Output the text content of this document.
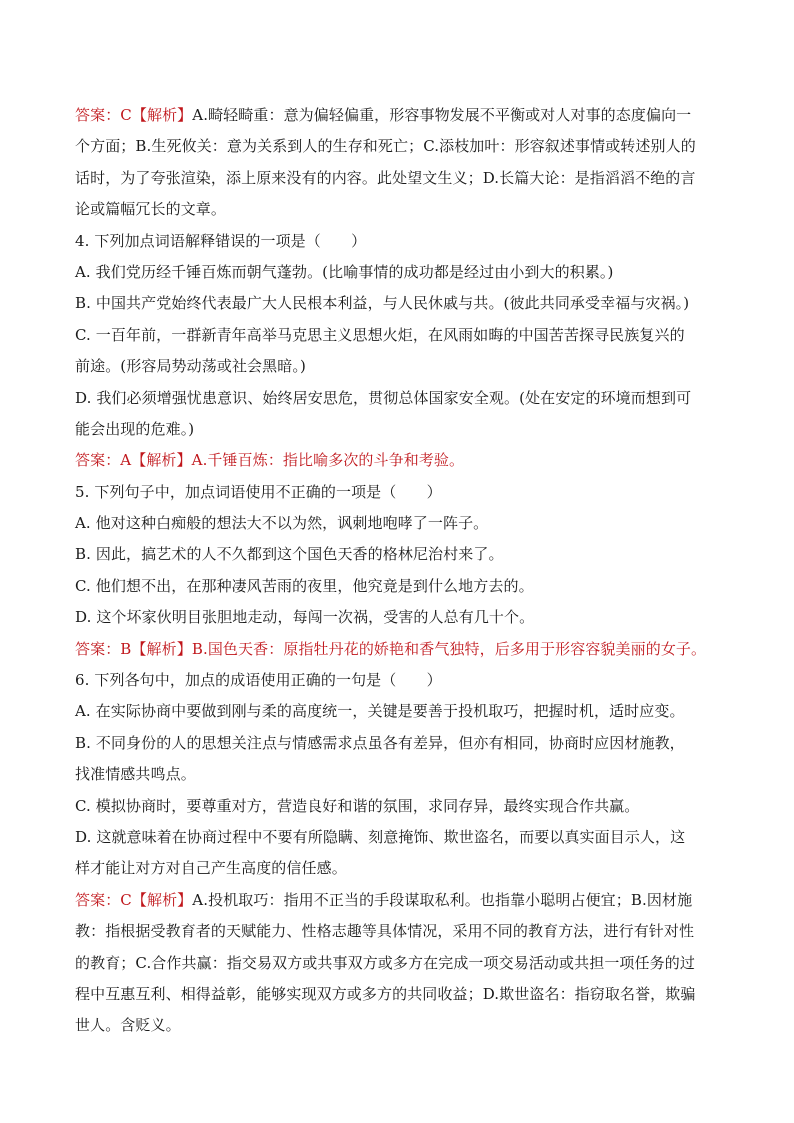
答案：C【解析】A.畸轻畸重：意为偏轻偏重，形容事物发展不平衡或对人对事的态度偏向一
个方面；B.生死攸关：意为关系到人的生存和死亡；C.添枝加叶：形容叙述事情或转述别人的
话时，为了夸张渲染，添上原来没有的内容。此处望文生义；D.长篇大论：是指滔滔不绝的言
论或篇幅冗长的文章。
4. 下列加点词语解释错误的一项是（　　）
A. 我们党历经千锤百炼而朝气蓬勃。(比喻事情的成功都是经过由小到大的积累。)
B. 中国共产党始终代表最广大人民根本利益，与人民休戚与共。(彼此共同承受幸福与灾祸。)
C. 一百年前，一群新青年高举马克思主义思想火炬，在风雨如晦的中国苦苦探寻民族复兴的
前途。(形容局势动荡或社会黑暗。)
D. 我们必须增强忧患意识、始终居安思危，贯彻总体国家安全观。(处在安定的环境而想到可
能会出现的危难。)
答案：A【解析】A.千锤百炼：指比喻多次的斗争和考验。
5. 下列句子中，加点词语使用不正确的一项是（　　）
A. 他对这种白痴般的想法大不以为然，讽刺地咆哮了一阵子。
B. 因此，搞艺术的人不久都到这个国色天香的格林尼治村来了。
C. 他们想不出，在那种凄风苦雨的夜里，他究竟是到什么地方去的。
D. 这个坏家伙明目张胆地走动，每闯一次祸，受害的人总有几十个。
答案：B【解析】B.国色天香：原指牡丹花的娇艳和香气独特，后多用于形容容貌美丽的女子。
6. 下列各句中，加点的成语使用正确的一句是（　　）
A. 在实际协商中要做到刚与柔的高度统一，关键是要善于投机取巧，把握时机，适时应变。
B. 不同身份的人的思想关注点与情感需求点虽各有差异，但亦有相同，协商时应因材施教，
找准情感共鸣点。
C. 模拟协商时，要尊重对方，营造良好和谐的氛围，求同存异，最终实现合作共赢。
D. 这就意味着在协商过程中不要有所隐瞒、刻意掩饰、欺世盗名，而要以真实面目示人，这
样才能让对方对自己产生高度的信任感。
答案：C【解析】A.投机取巧：指用不正当的手段谋取私利。也指靠小聪明占便宜；B.因材施
教：指根据受教育者的天赋能力、性格志趣等具体情况，采用不同的教育方法，进行有针对性
的教育；C.合作共赢：指交易双方或共事双方或多方在完成一项交易活动或共担一项任务的过
程中互惠互利、相得益彰，能够实现双方或多方的共同收益；D.欺世盗名：指窃取名誉，欺骗
世人。含贬义。
